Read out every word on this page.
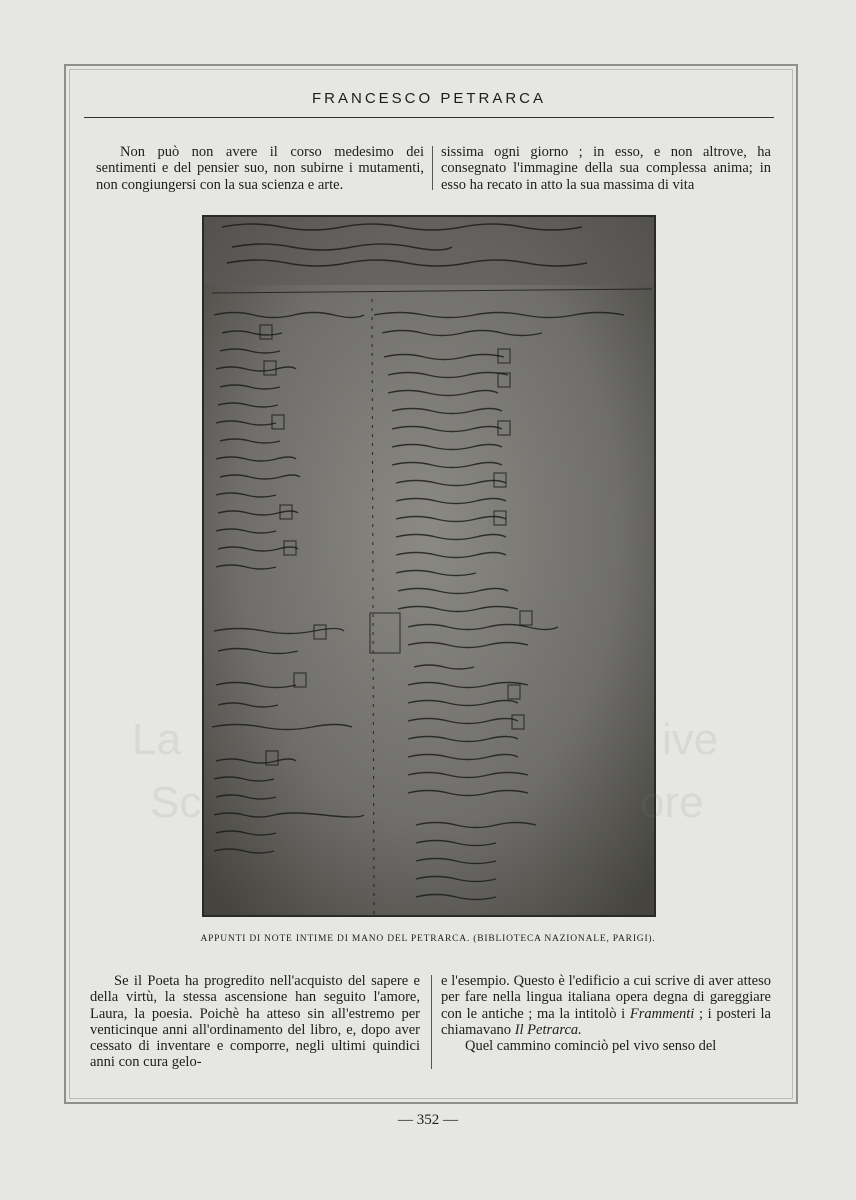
FRANCESCO PETRARCA

Non può non avere il corso medesimo dei sentimenti e del pensier suo, non subirne i mutamenti, non congiungersi con la sua scienza e arte.

sissima ogni giorno ; in esso, e non altrove, ha consegnato l'immagine della sua complessa anima; in esso ha recato in atto la sua massima di vita

APPUNTI DI NOTE INTIME DI MANO DEL PETRARCA. (BIBLIOTECA NAZIONALE, PARIGI).

Se il Poeta ha progredito nell'acquisto del sapere e della virtù, la stessa ascensione han seguito l'amore, Laura, la poesia. Poichè ha atteso sin all'estremo per venticinque anni all'ordinamento del libro, e, dopo aver cessato di inventare e comporre, negli ultimi quindici anni con cura gelo-

e l'esempio. Questo è l'edificio a cui scrive di aver atteso per fare nella lingua italiana opera degna di gareggiare con le antiche ; ma la intitolò i Frammenti ; i posteri la chiamavano Il Petrarca.

Quel cammino cominciò pel vivo senso del

— 352 —
La	ive
Sc	ore
